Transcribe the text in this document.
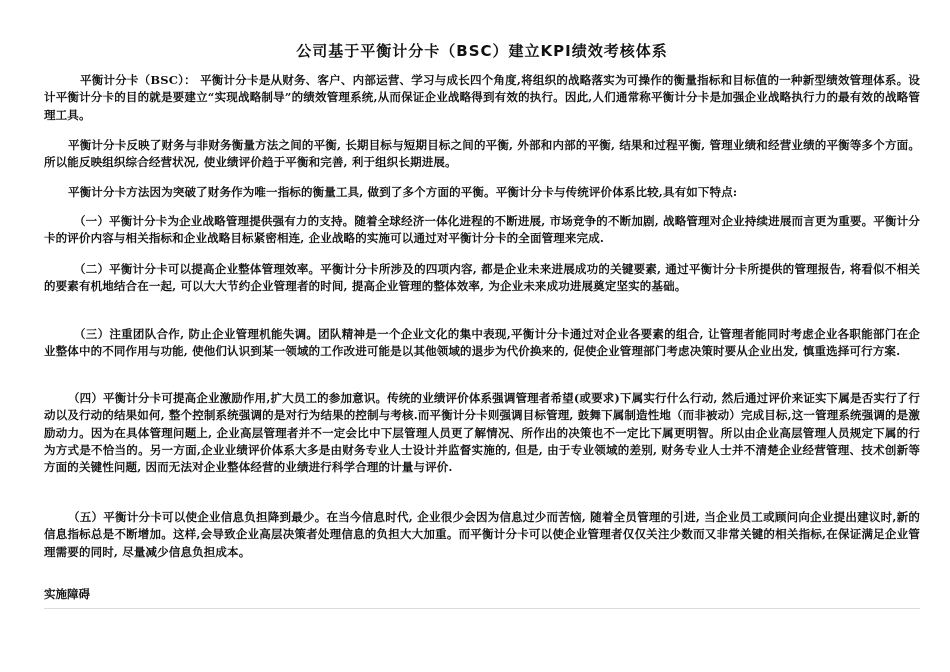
公司基于平衡计分卡（BSC）建立KPI绩效考核体系

平衡计分卡（BSC）： 平衡计分卡是从财务、客户、内部运营、学习与成长四个角度,将组织的战略落实为可操作的衡量指标和目标值的一种新型绩效管理体系。设计平衡计分卡的目的就是要建立“实现战略制导”的绩效管理系统,从而保证企业战略得到有效的执行。因此,人们通常称平衡计分卡是加强企业战略执行力的最有效的战略管理工具。

平衡计分卡反映了财务与非财务衡量方法之间的平衡, 长期目标与短期目标之间的平衡, 外部和内部的平衡, 结果和过程平衡, 管理业绩和经营业绩的平衡等多个方面。所以能反映组织综合经营状况, 使业绩评价趋于平衡和完善, 利于组织长期进展。

平衡计分卡方法因为突破了财务作为唯一指标的衡量工具, 做到了多个方面的平衡。平衡计分卡与传统评价体系比较,具有如下特点:

（一）平衡计分卡为企业战略管理提供强有力的支持。随着全球经济一体化进程的不断进展, 市场竞争的不断加剧, 战略管理对企业持续进展而言更为重要。平衡计分卡的评价内容与相关指标和企业战略目标紧密相连, 企业战略的实施可以通过对平衡计分卡的全面管理来完成.

（二）平衡计分卡可以提高企业整体管理效率。平衡计分卡所涉及的四项内容, 都是企业未来进展成功的关键要素, 通过平衡计分卡所提供的管理报告, 将看似不相关的要素有机地结合在一起, 可以大大节约企业管理者的时间, 提高企业管理的整体效率, 为企业未来成功进展奠定坚实的基础。

（三）注重团队合作, 防止企业管理机能失调。团队精神是一个企业文化的集中表现,平衡计分卡通过对企业各要素的组合, 让管理者能同时考虑企业各职能部门在企业整体中的不同作用与功能, 使他们认识到某一领域的工作改进可能是以其他领域的退步为代价换来的, 促使企业管理部门考虑决策时要从企业出发, 慎重选择可行方案.

（四）平衡计分卡可提高企业激励作用,扩大员工的参加意识。传统的业绩评价体系强调管理者希望(或要求)下属实行什么行动, 然后通过评价来证实下属是否实行了行动以及行动的结果如何, 整个控制系统强调的是对行为结果的控制与考核.而平衡计分卡则强调目标管理, 鼓舞下属制造性地（而非被动）完成目标,这一管理系统强调的是激励动力。因为在具体管理问题上, 企业高层管理者并不一定会比中下层管理人员更了解情况、所作出的决策也不一定比下属更明智。所以由企业高层管理人员规定下属的行为方式是不恰当的。另一方面,企业业绩评价体系大多是由财务专业人士设计并监督实施的, 但是, 由于专业领域的差别, 财务专业人士并不清楚企业经营管理、技术创新等方面的关键性问题, 因而无法对企业整体经营的业绩进行科学合理的计量与评价.

（五）平衡计分卡可以使企业信息负担降到最少。在当今信息时代, 企业很少会因为信息过少而苦恼, 随着全员管理的引进, 当企业员工或顾问向企业提出建议时,新的信息指标总是不断增加。这样,会导致企业高层决策者处理信息的负担大大加重。而平衡计分卡可以使企业管理者仅仅关注少数而又非常关键的相关指标,在保证满足企业管理需要的同时, 尽量减少信息负担成本。

实施障碍
